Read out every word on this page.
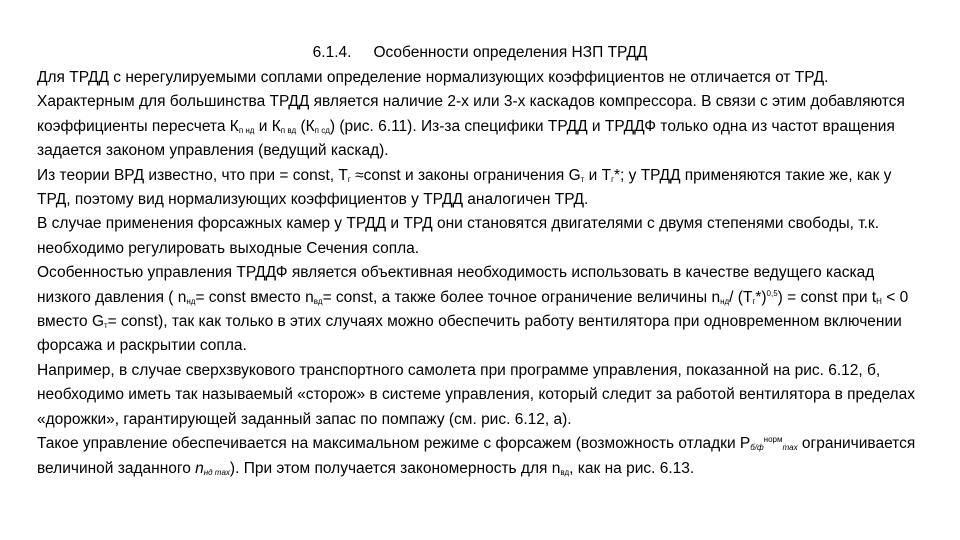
6.1.4. Особенности определения НЗП ТРДД

Для ТРДД с нерегулируемыми соплами определение нормализующих коэффициентов не отличается от ТРД.

Характерным для большинства ТРДД является наличие 2-х или 3-х каскадов компрессора. В связи с этим добавляются коэффициенты пересчета $К_{п нд}$ и $К_{п вд}$ $(К_{п сд})$ (рис. 6.11). Из-за специфики ТРДД и ТРДДФ только одна из частот вращения задается законом управления (ведущий каскад).

Из теории ВРД известно, что при = const, $Т_г$ ≈const и законы ограничения $G_т$ и $Т_г*$; у ТРДД применяются такие же, как у ТРД, поэтому вид нормализующих коэффициентов у ТРДД аналогичен ТРД.

В случае применения форсажных камер у ТРДД и ТРД они становятся двигателями с двумя степенями свободы, т.к. необходимо регулировать выходные Сечения сопла.

Особенностью управления ТРДДФ является объективная необходимость использовать в качестве ведущего каскад низкого давления ( $n_{нд}=$ const вместо $n_{вд}=$ const, а также более точное ограничение величины $n_{нд}/$ $(Т_г*)^{0,5}$) = const при $t_Н < 0$ вместо $G_т=$ const), так как только в этих случаях можно обеспечить работу вентилятора при одновременном включении форсажа и раскрытии сопла.

Например, в случае сверхзвукового транспортного самолета при программе управления, показанной на рис. 6.12, б, необходимо иметь так называемый «сторож» в системе управления, который следит за работой вентилятора в пределах «дорожки», гарантирующей заданный запас по помпажу (см. рис. 6.12, а).

Такое управление обеспечивается на максимальном режиме с форсажем (возможность отладки $Р_{б/ф}^{норм}_{max}$ ограничивается величиной заданного $n_{нд max}$). При этом получается закономерность для $n_{вд}$, как на рис. 6.13.
